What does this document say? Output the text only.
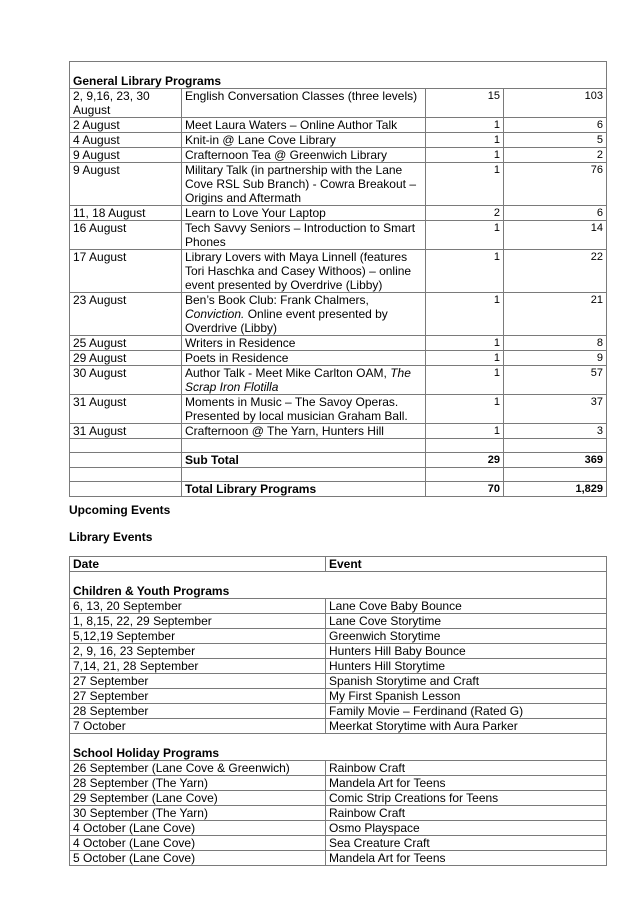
General Library Programs			
2, 9,16, 23, 30 August	English Conversation Classes (three levels)	15	103
2 August	Meet Laura Waters – Online Author Talk	1	6
4 August	Knit-in @ Lane Cove Library	1	5
9 August	Crafternoon Tea @ Greenwich Library	1	2
9 August	Military Talk (in partnership with the Lane Cove RSL Sub Branch) - Cowra Breakout – Origins and Aftermath	1	76
11, 18 August	Learn to Love Your Laptop	2	6
16 August	Tech Savvy Seniors – Introduction to Smart Phones	1	14
17 August	Library Lovers with Maya Linnell (features Tori Haschka and Casey Withoos) – online event presented by Overdrive (Libby)	1	22
23 August	Ben’s Book Club: Frank Chalmers, Conviction. Online event presented by Overdrive (Libby)	1	21
25 August	Writers in Residence	1	8
29 August	Poets in Residence	1	9
30 August	Author Talk - Meet Mike Carlton OAM, The Scrap Iron Flotilla	1	57
31 August	Moments in Music – The Savoy Operas. Presented by local musician Graham Ball.	1	37
31 August	Crafternoon @ The Yarn, Hunters Hill	1	3

	Sub Total	29	369

	Total Library Programs	70	1,829
Upcoming Events
Library Events
Date	Event
Children & Youth Programs	
6, 13, 20 September	Lane Cove Baby Bounce
1, 8,15, 22, 29 September	Lane Cove Storytime
5,12,19 September	Greenwich Storytime
2, 9, 16, 23 September	Hunters Hill Baby Bounce
7,14, 21, 28 September	Hunters Hill Storytime
27 September	Spanish Storytime and Craft
27 September	My First Spanish Lesson
28 September	Family Movie – Ferdinand (Rated G)
7 October	Meerkat Storytime with Aura Parker
School Holiday Programs	
26 September (Lane Cove & Greenwich)	Rainbow Craft
28 September (The Yarn)	Mandela Art for Teens
29 September (Lane Cove)	Comic Strip Creations for Teens
30 September (The Yarn)	Rainbow Craft
4 October (Lane Cove)	Osmo Playspace
4 October (Lane Cove)	Sea Creature Craft
5 October (Lane Cove)	Mandela Art for Teens
